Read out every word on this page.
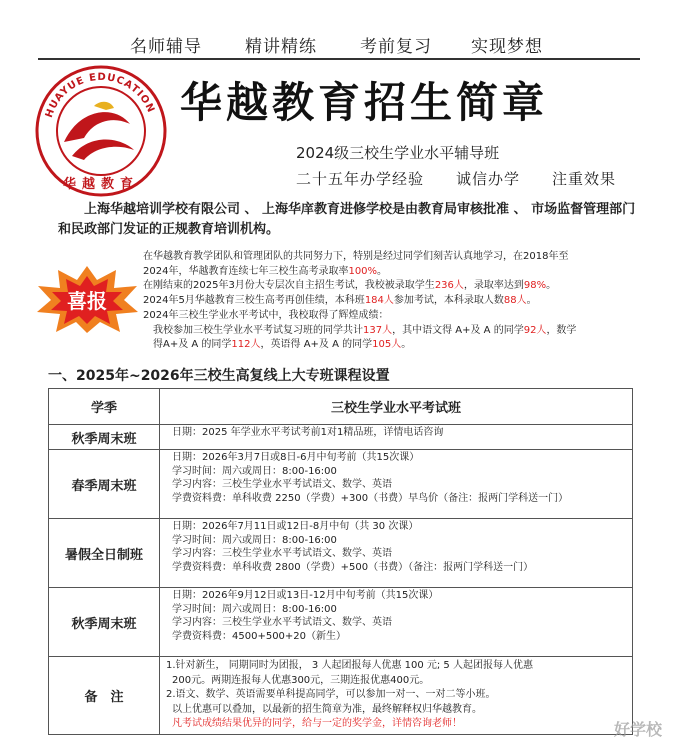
名师辅导	精讲精练	考前复习 实现梦想
HUAYUE EDUCATION
华越教育
华越教育招生简章
2024级三校生学业水平辅导班
二十五年办学经验　　诚信办学　　注重效果
上海华越培训学校有限公司 、 上海华庠教育进修学校是由教育局审核批准 、 市场监督管理部门和民政部门发证的正规教育培训机构。
喜报
在华越教育教学团队和管理团队的共同努力下，特别是经过同学们刻苦认真地学习，在2018年至
2024年，华越教育连续七年三校生高考录取率100%。
在刚结束的2025年3月份大专层次自主招生考试，我校被录取学生236人，录取率达到98%。
2024年5月华越教育三校生高考再创佳绩，本科班184人参加考试，本科录取人数88人。
2024年三校生学业水平考试中，我校取得了辉煌成绩：
我校参加三校生学业水平考试复习班的同学共计137人，其中语文得 A+及 A 的同学92人，数学
得A+及 A 的同学112人，英语得 A+及 A 的同学105人。
一、2025年~2026年三校生高复线上大专班课程设置
学季	三校生学业水平考试班
秋季周末班	日期：2025 年学业水平考试考前1对1精品班，详情电话咨询

春季周末班	日期：2026年3月7日或8日-6月中旬考前（共15次课）
学习时间：周六或周日：8:00-16:00
学习内容：三校生学业水平考试语文、数学、英语
学费资料费：单科收费 2250（学费）+300（书费）早鸟价（备注：报两门学科送一门）

暑假全日制班	日期：2026年7月11日或12日-8月中旬（共 30 次课）
学习时间：周六或周日：8:00-16:00
学习内容：三校生学业水平考试语文、数学、英语
学费资料费：单科收费 2800（学费）+500（书费）（备注：报两门学科送一门）

秋季周末班	日期：2026年9月12日或13日-12月中旬考前（共15次课）
学习时间：周六或周日：8:00-16:00
学习内容：三校生学业水平考试语文、数学、英语
学费资料费：4500+500+20（新生）

备　注	1.针对新生， 同期同时为团报， 3 人起团报每人优惠 100 元; 5 人起团报每人优惠
200元。两期连报每人优惠300元，三期连报优惠400元。
2.语文、数学、英语需要单科提高同学，可以参加一对一、一对二等小班。
以上优惠可以叠加，以最新的招生简章为准，最终解释权归华越教育。
凡考试成绩结果优异的同学，给与一定的奖学金，详情咨询老师！	好学校
